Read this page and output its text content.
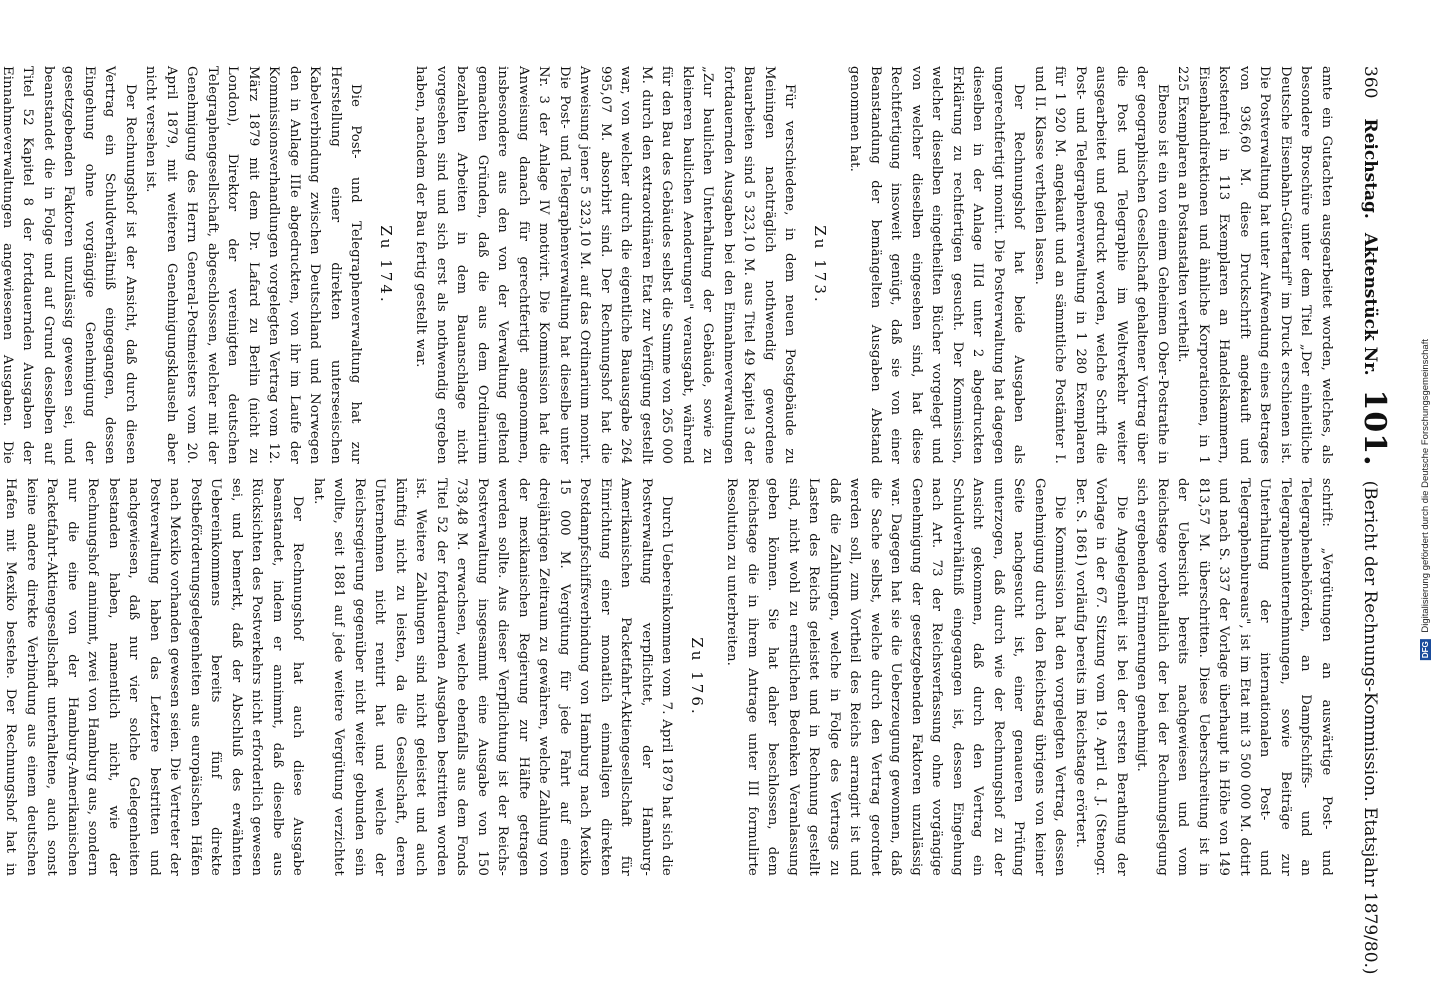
360
Reichstag.
Aktenstück Nr.
101.
(Bericht der Rechnungs-Kommission. Etatsjahr 1879/80.)

amte ein Gutachten ausgearbeitet worden, welches, als besondere Broschüre unter dem Titel „Der einheitliche Deutsche Eisenbahn-Gütertarif" im Druck erschienen ist. Die Postverwaltung hat unter Aufwendung eines Betrages von 936,60 M. diese Druckschrift angekauft und kostenfrei in 113 Exemplaren an Handelskammern, Eisenbahndirektionen und ähnliche Korporationen, in 1 225 Exemplaren an Postanstalten vertheilt.

Ebenso ist ein von einem Geheimen Ober-Postrathe in der geographischen Gesellschaft gehaltener Vortrag über die Post und Telegraphie im Weltverkehr weiter ausgearbeitet und gedruckt worden, welche Schrift die Post- und Telegraphenverwaltung in 1 280 Exemplaren für 1 920 M. angekauft und an sämmtliche Postämter I. und II. Klasse vertheilen lassen.

Der Rechnungshof hat beide Ausgaben als ungerechtfertigt monirt. Die Postverwaltung hat dagegen dieselben in der Anlage IIId unter 2 abgedruckten Erklärung zu rechtfertigen gesucht. Der Kommission, welcher dieselben eingetheilten Bücher vorgelegt und von welcher dieselben eingesehen sind, hat diese Rechtfertigung insoweit genügt, daß sie von einer Beanstandung der bemängelten Ausgaben Abstand genommen hat.

Zu 173.

Für verschiedene, in dem neuen Postgebäude zu Meiningen nachträglich nothwendig gewordene Bauarbeiten sind 5 323,10 M. aus Titel 49 Kapitel 3 der fortdauernden Ausgaben bei den Einnahmeverwaltungen „Zur baulichen Unterhaltung der Gebäude, sowie zu kleineren baulichen Aenderungen" verausgabt, während für den Bau des Gebäudes selbst die Summe von 265 000 M. durch den extraordinären Etat zur Verfügung gestellt war, von welcher durch die eigentliche Bauausgabe 264 995,07 M. absorbirt sind. Der Rechnungshof hat die Anweisung jener 5 323,10 M. auf das Ordinarium monirt. Die Post- und Telegraphenverwaltung hat dieselbe unter Nr. 3 der Anlage IV motivirt. Die Kommission hat die Anweisung danach für gerechtfertigt angenommen, insbesondere aus den von der Verwaltung geltend gemachten Gründen, daß die aus dem Ordinarium bezahlten Arbeiten in dem Bauanschlage nicht vorgesehen sind und sich erst als nothwendig ergeben haben, nachdem der Bau fertig gestellt war.

Zu 174.

Die Post- und Telegraphenverwaltung hat zur Herstellung einer direkten unterseeischen Kabelverbindung zwischen Deutschland und Norwegen den in Anlage IIIe abgedruckten, von ihr im Laufe der Kommissionsverhandlungen vorgelegten Vertrag vom 12. März 1879 mit dem Dr. Lafard zu Berlin (nicht zu London), Direktor der vereinigten deutschen Telegraphengesellschaft, abgeschlossen, welcher mit der Genehmigung des Herrn General-Postmeisters vom 20. April 1879, mit weiteren Genehmigungsklauseln aber nicht versehen ist.

Der Rechnungshof ist der Ansicht, daß durch diesen Vertrag ein Schuldverhältniß eingegangen, dessen Eingehung ohne vorgängige Genehmigung der gesetzgebenden Faktoren unzulässig gewesen sei, und beanstandet die in Folge und auf Grund desselben auf Titel 52 Kapitel 8 der fortdauernden Ausgaben der Einnahmeverwaltungen angewiesenen Ausgaben. Die

schrift: „Vergütungen an auswärtige Post- und Telegraphenbehörden, an Dampfschiffs- und an Telegraphenunternehmungen, sowie Beiträge zur Unterhaltung der internationalen Post- und Telegraphenbureaus", ist im Etat mit 3 500 000 M. dotirt und nach S. 337 der Vorlage überhaupt in Höhe von 149 813,57 M. überschritten. Diese Ueberschreitung ist in der Uebersicht bereits nachgewiesen und vom Reichstage vorbehaltlich der bei der Rechnungslegung sich ergebenden Erinnerungen genehmigt.

Die Angelegenheit ist bei der ersten Berathung der Vorlage in der 67. Sitzung vom 19. April d. J. (Stenogr. Ber. S. 1861) vorläufig bereits im Reichstage erörtert.

Die Kommission hat den vorgelegten Vertrag, dessen Genehmigung durch den Reichstag übrigens von keiner Seite nachgesucht ist, einer genaueren Prüfung unterzogen, daß durch wie der Rechnungshof zu der Ansicht gekommen, daß durch den Vertrag ein Schuldverhältniß eingegangen ist, dessen Eingehung nach Art. 73 der Reichsverfassung ohne vorgängige Genehmigung der gesetzgebenden Faktoren unzulässig war. Dagegen hat sie die Ueberzeugung gewonnen, daß die Sache selbst, welche durch den Vertrag geordnet werden soll, zum Vortheil des Reichs arrangirt ist und daß die Zahlungen, welche in Folge des Vertrags zu Lasten des Reichs geleistet und in Rechnung gestellt sind, nicht wohl zu ernstlichen Bedenken Veranlassung geben können. Sie hat daher beschlossen, dem Reichstage die in ihrem Antrage unter III formulirte Resolution zu unterbreiten.

Zu 176.

Durch Uebereinkommen vom 7. April 1879 hat sich die Postverwaltung verpflichtet, der Hamburg-Amerikanischen Packetfahrt-Aktiengesellschaft für Einrichtung einer monatlich einmaligen direkten Postdampfschiffsverbindung von Hamburg nach Mexiko 15 000 M. Vergütung für jede Fahrt auf einen dreijährigen Zeitraum zu gewähren, welche Zahlung von der mexikanischen Regierung zur Hälfte getragen werden sollte. Aus dieser Verpflichtung ist der Reichs-Postverwaltung insgesammt eine Ausgabe von 150 738,48 M. erwachsen, welche ebenfalls aus dem Fonds Titel 52 der fortdauernden Ausgaben bestritten worden ist. Weitere Zahlungen sind nicht geleistet und auch künftig nicht zu leisten, da die Gesellschaft, deren Unternehmen nicht rentirt hat und welche der Reichsregierung gegenüber nicht weiter gebunden sein wollte, seit 1881 auf jede weitere Vergütung verzichtet hat.

Der Rechnungshof hat auch diese Ausgabe beanstandet, indem er annimmt, daß dieselbe aus Rücksichten des Postverkehrs nicht erforderlich gewesen sei, und bemerkt, daß der Abschluß des erwähnten Uebereinkommens bereits fünf direkte Postbeförderungsgelegenheiten aus europäischen Häfen nach Mexiko vorhanden gewesen seien. Die Vertreter der Postverwaltung haben das Letztere bestritten und nachgewiesen, daß nur vier solche Gelegenheiten bestanden haben, namentlich nicht, wie der Rechnungshof annimmt, zwei von Hamburg aus, sondern nur die eine von der Hamburg-Amerikanischen Packetfahrt-Aktiengesellschaft unterhaltene, auch sonst keine andere direkte Verbindung aus einem deutschen Hafen mit Mexiko bestehe. Der Rechnungshof hat in

DFG Digitalisierung gefördert durch die Deutsche Forschungsgemeinschaft
